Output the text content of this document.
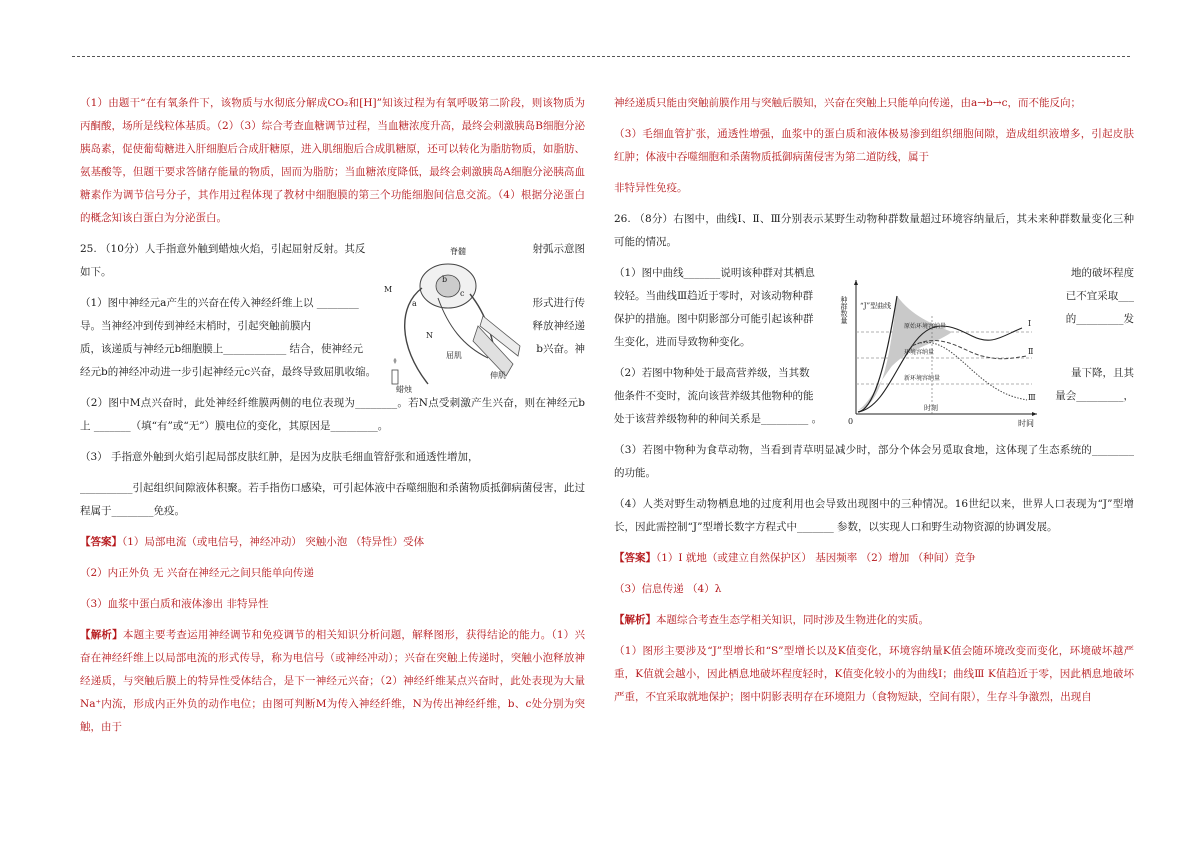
（1）由题干“在有氧条件下，该物质与水彻底分解成CO₂和[H]”知该过程为有氧呼吸第二阶段，则该物质为丙酮酸，场所是线粒体基质。（2）（3）综合考查血糖调节过程，当血糖浓度升高，最终会刺激胰岛B细胞分泌胰岛素，促使葡萄糖进入肝细胞后合成肝糖原，进入肌细胞后合成肌糖原，还可以转化为脂肪物质，如脂肪、氨基酸等，但题干要求答储存能量的物质，固而为脂肪；当血糖浓度降低，最终会刺激胰岛A细胞分泌胰高血糖素作为调节信号分子，其作用过程体现了教材中细胞膜的第三个功能细胞间信息交流。（4）根据分泌蛋白的概念知该白蛋白为分泌蛋白。

25. （10分）人手指意外触到蜡烛火焰，引起屈射反射。其反	射弧示意图
如下。
（1）图中神经元a产生的兴奋在传入神经纤维上以 ________	形式进行传
导。当神经冲到传到神经末梢时，引起突触前膜内	释放神经递
质，该递质与神经元b细胞膜上____________ 结合，使神经元	b兴奋。神
经元b的神经冲动进一步引起神经元c兴奋，最终导致屈肌收缩。

（2）图中M点兴奋时，此处神经纤维膜两侧的电位表现为________。若N点受刺激产生兴奋，则在神经元b上 _______（填“有”或“无”）膜电位的变化，其原因是_________。

（3） 手指意外触到火焰引起局部皮肤红肿，是因为皮肤毛细血管舒张和通透性增加，

__________引起组织间隙液体积聚。若手指伤口感染，可引起体液中吞噬细胞和杀菌物质抵御病菌侵害，此过程属于________免疫。

【答案】（1）局部电流（或电信号，神经冲动） 突触小泡 （特异性）受体

（2）内正外负 无 兴奋在神经元之间只能单向传递

（3）血浆中蛋白质和液体渗出 非特异性

【解析】本题主要考查运用神经调节和免疫调节的相关知识分析问题，解释图形，获得结论的能力。（1）兴奋在神经纤维上以局部电流的形式传导，称为电信号（或神经冲动）；兴奋在突触上传递时，突触小泡释放神经递质，与突触后膜上的特异性受体结合，是下一神经元兴奋；（2）神经纤维某点兴奋时，此处表现为大量Na⁺内流，形成内正外负的动作电位；由图可判断M为传入神经纤维，N为传出神经纤维，b、c处分别为突触，由于

脊髓
M
N
a
b
c
屈肌
伸肌
蜡烛

神经递质只能由突触前膜作用与突触后膜知，兴奋在突触上只能单向传递，由a→b→c，而不能反向；

（3）毛细血管扩张，通透性增强，血浆中的蛋白质和液体极易渗到组织细胞间隙，造成组织液增多，引起皮肤红肿；体液中吞噬细胞和杀菌物质抵御病菌侵害为第二道防线，属于

非特异性免疫。

26. （8分）右图中，曲线Ⅰ、Ⅱ、Ⅲ分别表示某野生动物种群数量超过环境容纳量后，其未来种群数量变化三种可能的情况。

（1）图中曲线_______说明该种群对其栖息	地的破坏程度
较轻。当曲线Ⅲ趋近于零时，对该动物种群	已不宜采取___
保护的措施。图中阴影部分可能引起该种群	的_________发
生变化，进而导致物种变化。
（2）若图中物种处于最高营养级，当其数	量下降，且其
他条件不变时，流向该营养级其他物种的能	量会_________，
处于该营养级物种的种间关系是_________ 。

（3）若图中物种为食草动物，当看到青草明显减少时，部分个体会另觅取食地，这体现了生态系统的________的功能。

（4）人类对野生动物栖息地的过度利用也会导致出现图中的三种情况。16世纪以来，世界人口表现为“J”型增长，因此需控制“J”型增长数字方程式中_______ 参数，以实现人口和野生动物资源的协调发展。

【答案】（1）Ⅰ 就地（或建立自然保护区） 基因频率 （2）增加 （种间）竞争

（3）信息传递 （4）λ

【解析】本题综合考查生态学相关知识，同时涉及生物进化的实质。

（1）图形主要涉及“J”型增长和“S”型增长以及K值变化，环境容纳量K值会随环境改变而变化，环境破坏越严重，K值就会越小，因此栖息地破坏程度轻时，K值变化较小的为曲线Ⅰ；曲线Ⅲ K值趋近于零，因此栖息地破坏严重，不宜采取就地保护；图中阴影表明存在环境阻力（食物短缺，空间有限），生存斗争激烈，出现自

种群数量
时间
0
“J”型曲线
原始环境容纳量
环境容纳量
新环境容纳量
时刻
Ⅰ
Ⅱ
Ⅲ
